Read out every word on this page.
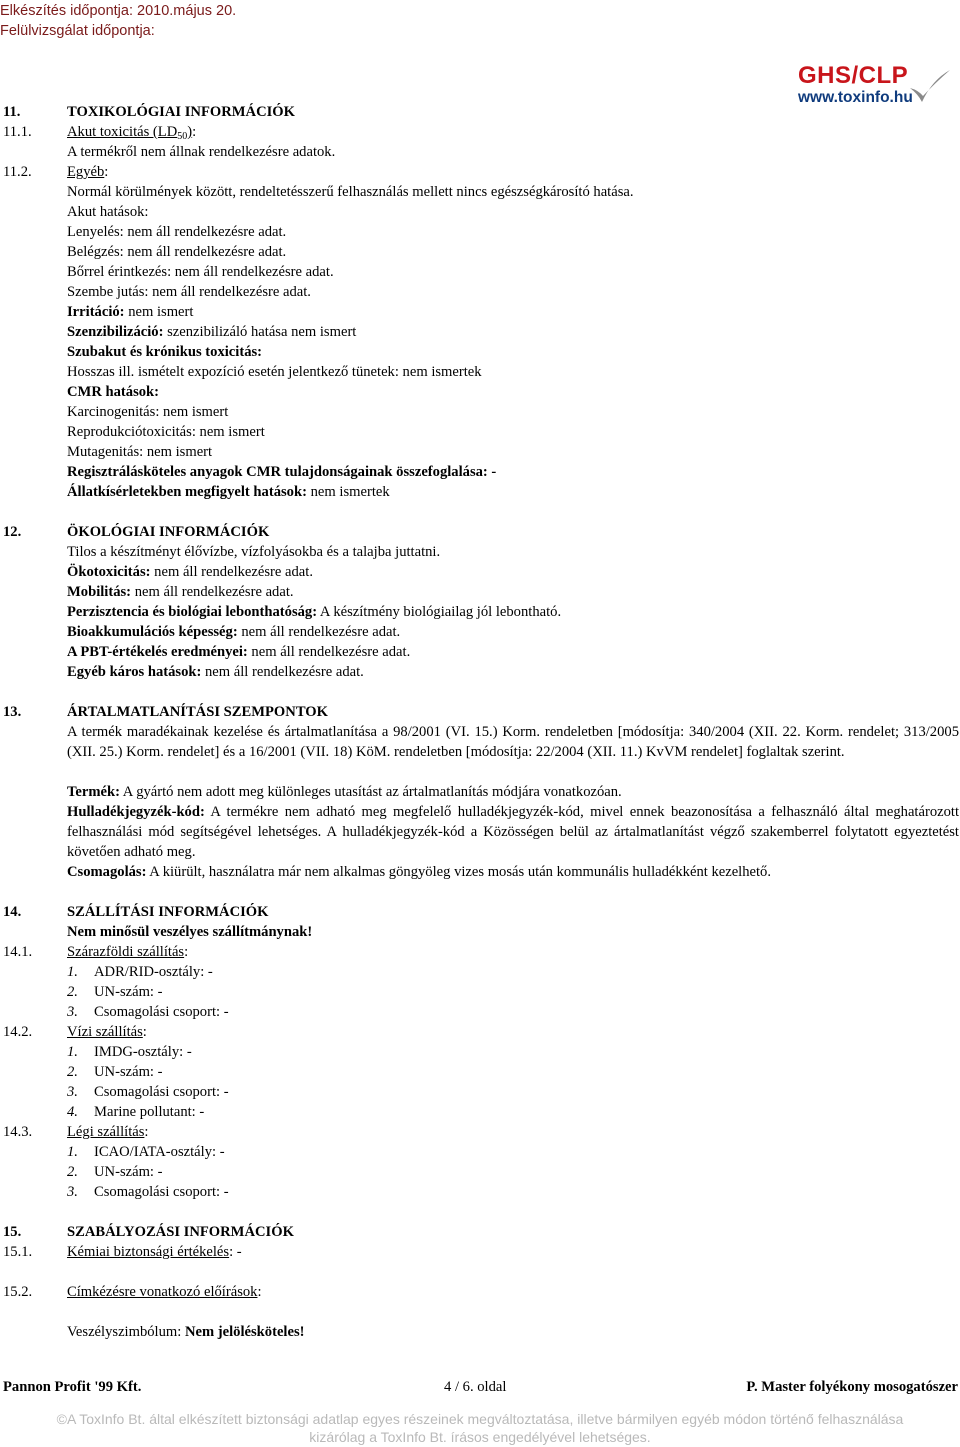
Elkészítés időpontja: 2010.május 20.
Felülvizsgálat időpontja:
GHS/CLP
www.toxinfo.hu
11.	TOXIKOLÓGIAI INFORMÁCIÓK
11.1. Akut toxicitás $(LD_{50})$:
A termékről nem állnak rendelkezésre adatok.
11.2. Egyéb:
Normál körülmények között, rendeltetésszerű felhasználás mellett nincs egészségkárosító hatása.
Akut hatások:
Lenyelés: nem áll rendelkezésre adat.
Belégzés: nem áll rendelkezésre adat.
Bőrrel érintkezés: nem áll rendelkezésre adat.
Szembe jutás: nem áll rendelkezésre adat.
Irritáció: nem ismert
Szenzibilizáció: szenzibilizáló hatása nem ismert
Szubakut és krónikus toxicitás:
Hosszas ill. ismételt expozíció esetén jelentkező tünetek: nem ismertek
CMR hatások:
Karcinogenitás: nem ismert
Reprodukciótoxicitás: nem ismert
Mutagenitás: nem ismert
Regisztrálásköteles anyagok CMR tulajdonságainak összefoglalása: -
Állatkísérletekben megfigyelt hatások: nem ismertek
12.	ÖKOLÓGIAI INFORMÁCIÓK
Tilos a készítményt élővízbe, vízfolyásokba és a talajba juttatni.
Ökotoxicitás: nem áll rendelkezésre adat.
Mobilitás: nem áll rendelkezésre adat.
Perzisztencia és biológiai lebonthatóság: A készítmény biológiailag jól lebontható.
Bioakkumulációs képesség: nem áll rendelkezésre adat.
A PBT-értékelés eredményei: nem áll rendelkezésre adat.
Egyéb káros hatások: nem áll rendelkezésre adat.
13.	ÁRTALMATLANÍTÁSI SZEMPONTOK
A termék maradékainak kezelése és ártalmatlanítása a 98/2001 (VI. 15.) Korm. rendeletben [módosítja: 340/2004 (XII. 22. Korm. rendelet; 313/2005 (XII. 25.) Korm. rendelet] és a 16/2001 (VII. 18) KöM. rendeletben [módosítja: 22/2004 (XII. 11.) KvVM rendelet] foglaltak szerint.
Termék: A gyártó nem adott meg különleges utasítást az ártalmatlanítás módjára vonatkozóan.
Hulladékjegyzék-kód: A termékre nem adható meg megfelelő hulladékjegyzék-kód, mivel ennek beazonosítása a felhasználó által meghatározott felhasználási mód segítségével lehetséges. A hulladékjegyzék-kód a Közösségen belül az ártalmatlanítást végző szakemberrel folytatott egyeztetést követően adható meg.
Csomagolás: A kiürült, használatra már nem alkalmas göngyöleg vizes mosás után kommunális hulladékként kezelhető.
14.	SZÁLLÍTÁSI INFORMÁCIÓK
Nem minősül veszélyes szállítmánynak!
14.1. Szárazföldi szállítás:
1. ADR/RID-osztály: -
2. UN-szám: -
3. Csomagolási csoport: -
14.2. Vízi szállítás:
1. IMDG-osztály: -
2. UN-szám: -
3. Csomagolási csoport: -
4. Marine pollutant: -
14.3. Légi szállítás:
1. ICAO/IATA-osztály: -
2. UN-szám: -
3. Csomagolási csoport: -
15.	SZABÁLYOZÁSI INFORMÁCIÓK
15.1. Kémiai biztonsági értékelés: -
15.2. Címkézésre vonatkozó előírások:
Veszélyszimbólum: Nem jelölésköteles!
Pannon Profit '99 Kft.	4 / 6. oldal	P. Master folyékony mosogatószer
©A ToxInfo Bt. által elkészített biztonsági adatlap egyes részeinek megváltoztatása, illetve bármilyen egyéb módon történő felhasználása
kizárólag a ToxInfo Bt. írásos engedélyével lehetséges.
